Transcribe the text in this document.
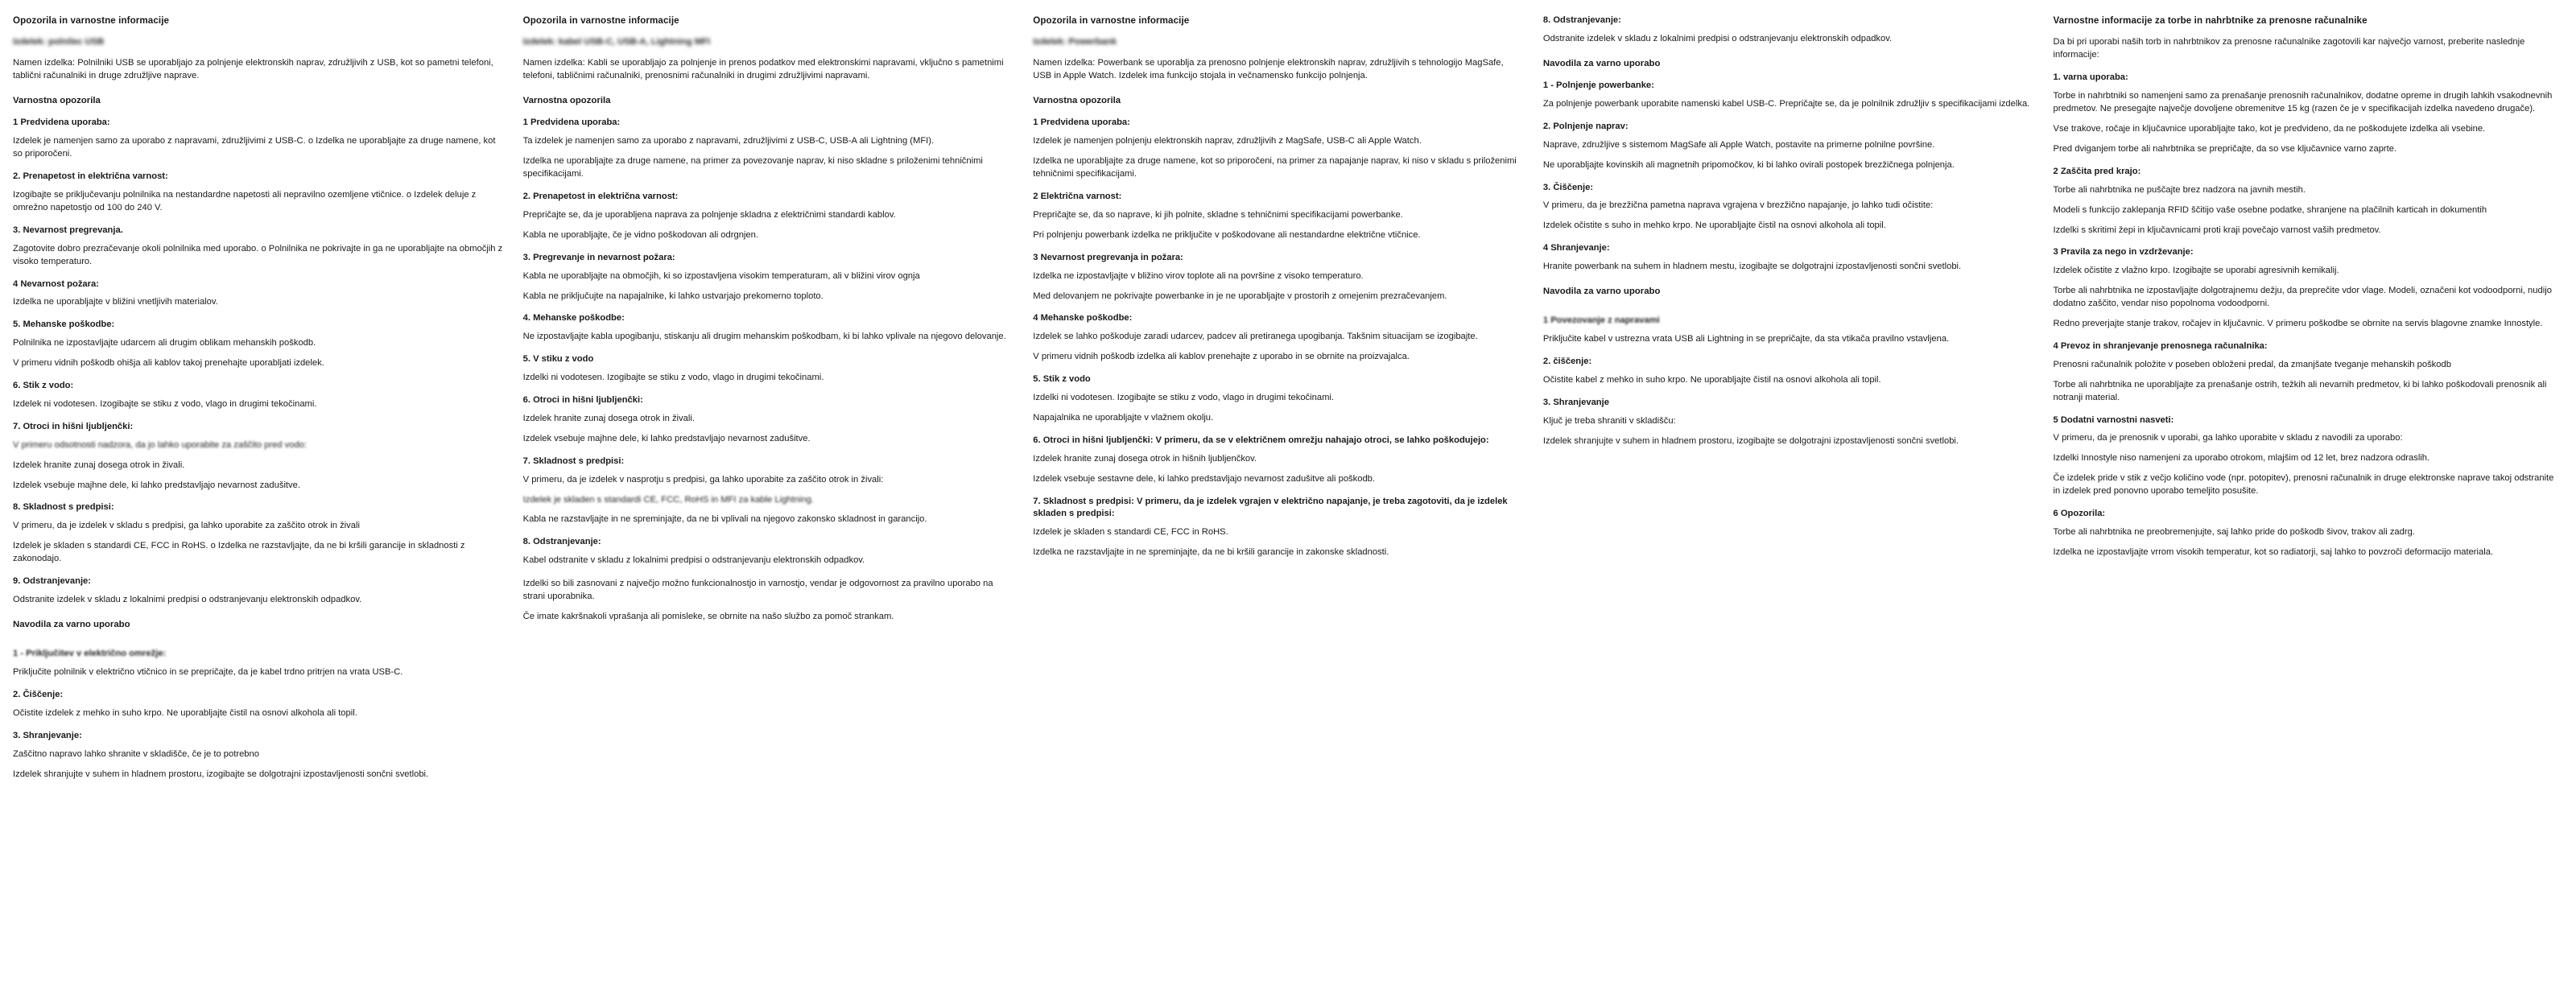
Opozorila in varnostne informacije

Izdelek: polnilec USB

Namen izdelka: Polnilniki USB se uporabljajo za polnjenje elektronskih naprav, združljivih z USB, kot so pametni telefoni, tablični računalniki in druge združljive naprave.

Varnostna opozorila
1 Predvidena uporaba:

Izdelek je namenjen samo za uporabo z napravami, združljivimi z USB-C. o Izdelka ne uporabljajte za druge namene, kot so priporočeni.

2. Prenapetost in električna varnost:

Izogibajte se priključevanju polnilnika na nestandardne napetosti ali nepravilno ozemljene vtičnice. o Izdelek deluje z omrežno napetostjo od 100 do 240 V.

3. Nevarnost pregrevanja.

Zagotovite dobro prezračevanje okoli polnilnika med uporabo. o Polnilnika ne pokrivajte in ga ne uporabljajte na območjih z visoko temperaturo.

4 Nevarnost požara:

Izdelka ne uporabljajte v bližini vnetljivih materialov.

5. Mehanske poškodbe:

Polnilnika ne izpostavljajte udarcem ali drugim oblikam mehanskih poškodb.

V primeru vidnih poškodb ohišja ali kablov takoj prenehajte uporabljati izdelek.

6. Stik z vodo:

Izdelek ni vodotesen. Izogibajte se stiku z vodo, vlago in drugimi tekočinami.

7. Otroci in hišni ljubljenčki:

V primeru odsotnosti nadzora, da jo lahko uporabite za zaščito pred vodo:

Izdelek hranite zunaj dosega otrok in živali.

Izdelek vsebuje majhne dele, ki lahko predstavljajo nevarnost zadušitve.

8. Skladnost s predpisi:

V primeru, da je izdelek v skladu s predpisi, ga lahko uporabite za zaščito otrok in živali

Izdelek je skladen s standardi CE, FCC in RoHS. o Izdelka ne razstavljajte, da ne bi kršili garancije in skladnosti z zakonodajo.

9. Odstranjevanje:

Odstranite izdelek v skladu z lokalnimi predpisi o odstranjevanju elektronskih odpadkov.

Navodila za varno uporabo
1 - Priključitev v električno omrežje:

Priključite polnilnik v električno vtičnico in se prepričajte, da je kabel trdno pritrjen na vrata USB-C.

2. Čiščenje:

Očistite izdelek z mehko in suho krpo. Ne uporabljajte čistil na osnovi alkohola ali topil.

3. Shranjevanje:

Zaščitno napravo lahko shranite v skladišče, če je to potrebno

Izdelek shranjujte v suhem in hladnem prostoru, izogibajte se dolgotrajni izpostavljenosti sončni svetlobi.

Opozorila in varnostne informacije

Izdelek: kabel USB-C, USB-A, Lightning MFI

Namen izdelka: Kabli se uporabljajo za polnjenje in prenos podatkov med elektronskimi napravami, vključno s pametnimi telefoni, tabličnimi računalniki, prenosnimi računalniki in drugimi združljivimi napravami.

Varnostna opozorila
1 Predvidena uporaba:

Ta izdelek je namenjen samo za uporabo z napravami, združljivimi z USB-C, USB-A ali Lightning (MFI).

Izdelka ne uporabljajte za druge namene, na primer za povezovanje naprav, ki niso skladne s priloženimi tehničnimi specifikacijami.

2. Prenapetost in električna varnost:

Prepričajte se, da je uporabljena naprava za polnjenje skladna z električnimi standardi kablov.

Kabla ne uporabljajte, če je vidno poškodovan ali odrgnjen.

3. Pregrevanje in nevarnost požara:

Kabla ne uporabljajte na območjih, ki so izpostavljena visokim temperaturam, ali v bližini virov ognja

Kabla ne priključujte na napajalnike, ki lahko ustvarjajo prekomerno toploto.

4. Mehanske poškodbe:

Ne izpostavljajte kabla upogibanju, stiskanju ali drugim mehanskim poškodbam, ki bi lahko vplivale na njegovo delovanje.

5. V stiku z vodo

Izdelki ni vodotesen. Izogibajte se stiku z vodo, vlago in drugimi tekočinami.

6. Otroci in hišni ljubljenčki:

Izdelek hranite zunaj dosega otrok in živali.

Izdelek vsebuje majhne dele, ki lahko predstavljajo nevarnost zadušitve.

7. Skladnost s predpisi:

V primeru, da je izdelek v nasprotju s predpisi, ga lahko uporabite za zaščito otrok in živali:

Izdelek je skladen s standardi CE, FCC, RoHS in MFI za kable Lightning.

Kabla ne razstavljajte in ne spreminjajte, da ne bi vplivali na njegovo zakonsko skladnost in garancijo.

8. Odstranjevanje:

Kabel odstranite v skladu z lokalnimi predpisi o odstranjevanju elektronskih odpadkov.

Izdelki so bili zasnovani z največjo možno funkcionalnostjo in varnostjo, vendar je odgovornost za pravilno uporabo na strani uporabnika.

Če imate kakršnakoli vprašanja ali pomisleke, se obrnite na našo službo za pomoč strankam.

Opozorila in varnostne informacije

Izdelek: Powerbank

Namen izdelka: Powerbank se uporablja za prenosno polnjenje elektronskih naprav, združljivih s tehnologijo MagSafe, USB in Apple Watch. Izdelek ima funkcijo stojala in večnamensko funkcijo polnjenja.

Varnostna opozorila
1 Predvidena uporaba:

Izdelek je namenjen polnjenju elektronskih naprav, združljivih z MagSafe, USB-C ali Apple Watch.

Izdelka ne uporabljajte za druge namene, kot so priporočeni, na primer za napajanje naprav, ki niso v skladu s priloženimi tehničnimi specifikacijami.

2 Električna varnost:

Prepričajte se, da so naprave, ki jih polnite, skladne s tehničnimi specifikacijami powerbanke.

Pri polnjenju powerbank izdelka ne priključite v poškodovane ali nestandardne električne vtičnice.

3 Nevarnost pregrevanja in požara:

Izdelka ne izpostavljajte v bližino virov toplote ali na površine z visoko temperaturo.

Med delovanjem ne pokrivajte powerbanke in je ne uporabljajte v prostorih z omejenim prezračevanjem.

4 Mehanske poškodbe:

Izdelek se lahko poškoduje zaradi udarcev, padcev ali pretiranega upogibanja. Takšnim situacijam se izogibajte.

V primeru vidnih poškodb izdelka ali kablov prenehajte z uporabo in se obrnite na proizvajalca.

5. Stik z vodo

Izdelki ni vodotesen. Izogibajte se stiku z vodo, vlago in drugimi tekočinami.

Napajalnika ne uporabljajte v vlažnem okolju.

6. Otroci in hišni ljubljenčki: V primeru, da se v električnem omrežju nahajajo otroci, se lahko poškodujejo:

Izdelek hranite zunaj dosega otrok in hišnih ljubljenčkov.

Izdelek vsebuje sestavne dele, ki lahko predstavljajo nevarnost zadušitve ali poškodb.

7. Skladnost s predpisi: V primeru, da je izdelek vgrajen v električno napajanje, je treba zagotoviti, da je izdelek skladen s predpisi:

Izdelek je skladen s standardi CE, FCC in RoHS.

Izdelka ne razstavljajte in ne spreminjajte, da ne bi kršili garancije in zakonske skladnosti.

8. Odstranjevanje:

Odstranite izdelek v skladu z lokalnimi predpisi o odstranjevanju elektronskih odpadkov.

Navodila za varno uporabo
1 - Polnjenje powerbanke:

Za polnjenje powerbank uporabite namenski kabel USB-C. Prepričajte se, da je polnilnik združljiv s specifikacijami izdelka.

2. Polnjenje naprav:

Naprave, združljive s sistemom MagSafe ali Apple Watch, postavite na primerne polnilne površine.

Ne uporabljajte kovinskih ali magnetnih pripomočkov, ki bi lahko ovirali postopek brezžičnega polnjenja.

3. Čiščenje:

V primeru, da je brezžična pametna naprava vgrajena v brezžično napajanje, jo lahko tudi očistite:

Izdelek očistite s suho in mehko krpo. Ne uporabljajte čistil na osnovi alkohola ali topil.

4 Shranjevanje:

Hranite powerbank na suhem in hladnem mestu, izogibajte se dolgotrajni izpostavljenosti sončni svetlobi.

Navodila za varno uporabo
1 Povezovanje z napravami

Priključite kabel v ustrezna vrata USB ali Lightning in se prepričajte, da sta vtikača pravilno vstavljena.

2. čiščenje:

Očistite kabel z mehko in suho krpo. Ne uporabljajte čistil na osnovi alkohola ali topil.

3. Shranjevanje

Ključ je treba shraniti v skladišču:

Izdelek shranjujte v suhem in hladnem prostoru, izogibajte se dolgotrajni izpostavljenosti sončni svetlobi.

Varnostne informacije za torbe in nahrbtnike za prenosne računalnike

Da bi pri uporabi naših torb in nahrbtnikov za prenosne računalnike zagotovili kar največjo varnost, preberite naslednje informacije:

1. varna uporaba:

Torbe in nahrbtniki so namenjeni samo za prenašanje prenosnih računalnikov, dodatne opreme in drugih lahkih vsakodnevnih predmetov. Ne presegajte največje dovoljene obremenitve 15 kg (razen če je v specifikacijah izdelka navedeno drugače).

Vse trakove, ročaje in ključavnice uporabljajte tako, kot je predvideno, da ne poškodujete izdelka ali vsebine.

Pred dviganjem torbe ali nahrbtnika se prepričajte, da so vse ključavnice varno zaprte.

2 Zaščita pred krajo:

Torbe ali nahrbtnika ne puščajte brez nadzora na javnih mestih.

Modeli s funkcijo zaklepanja RFID ščitijo vaše osebne podatke, shranjene na plačilnih karticah in dokumentih

Izdelki s skritimi žepi in ključavnicami proti kraji povečajo varnost vaših predmetov.

3 Pravila za nego in vzdrževanje:

Izdelek očistite z vlažno krpo. Izogibajte se uporabi agresivnih kemikalij.

Torbe ali nahrbtnika ne izpostavljajte dolgotrajnemu dežju, da preprečite vdor vlage. Modeli, označeni kot vodoodporni, nudijo dodatno zaščito, vendar niso popolnoma vodoodporni.

Redno preverjajte stanje trakov, ročajev in ključavnic. V primeru poškodbe se obrnite na servis blagovne znamke Innostyle.

4 Prevoz in shranjevanje prenosnega računalnika:

Prenosni računalnik položite v poseben obloženi predal, da zmanjšate tveganje mehanskih poškodb

Torbe ali nahrbtnika ne uporabljajte za prenašanje ostrih, težkih ali nevarnih predmetov, ki bi lahko poškodovali prenosnik ali notranji material.

5 Dodatni varnostni nasveti:

V primeru, da je prenosnik v uporabi, ga lahko uporabite v skladu z navodili za uporabo:

Izdelki Innostyle niso namenjeni za uporabo otrokom, mlajšim od 12 let, brez nadzora odraslih.

Če izdelek pride v stik z večjo količino vode (npr. potopitev), prenosni računalnik in druge elektronske naprave takoj odstranite in izdelek pred ponovno uporabo temeljito posušite.

6 Opozorila:

Torbe ali nahrbtnika ne preobremenjujte, saj lahko pride do poškodb šivov, trakov ali zadrg.

Izdelka ne izpostavljajte vrrom visokih temperatur, kot so radiatorji, saj lahko to povzroči deformacijo materiala.
